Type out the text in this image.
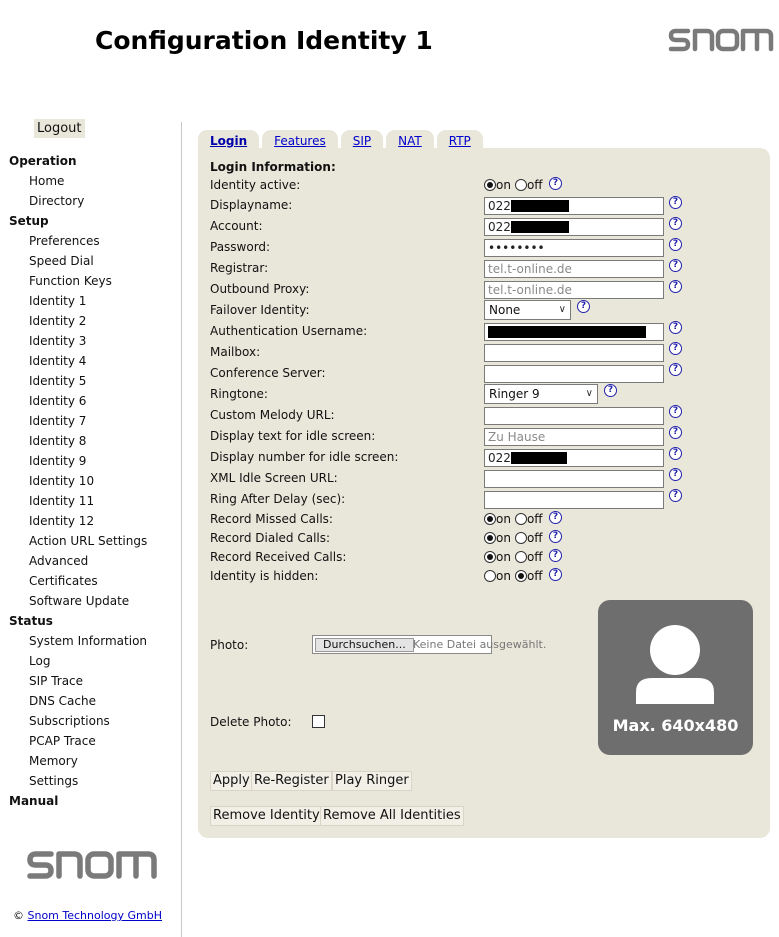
Configuration Identity 1
Logout
Operation
Home
Directory
Setup
Preferences
Speed Dial
Function Keys
Identity 1
Identity 2
Identity 3
Identity 4
Identity 5
Identity 6
Identity 7
Identity 8
Identity 9
Identity 10
Identity 11
Identity 12
Action URL Settings
Advanced
Certificates
Software Update
Status
System Information
Log
SIP Trace
DNS Cache
Subscriptions
PCAP Trace
Memory
Settings
Manual
© Snom Technology GmbH
Login	Features	SIP	NAT	RTP
Login Information:
Identity active:	on off	?
Displayname:	022	?
Account:	022	?
Password:	••••••••	?
Registrar:	tel.t-online.de	?
Outbound Proxy:	tel.t-online.de	?
Failover Identity:	None	∨	?
Authentication Username:	?
Mailbox:	?
Conference Server:	?
Ringtone:	Ringer 9	∨	?
Custom Melody URL:	?
Display text for idle screen:	Zu Hause	?
Display number for idle screen:	022	?
XML Idle Screen URL:	?
Ring After Delay (sec):	?
Record Missed Calls:	on off	?
Record Dialed Calls:	on off	?
Record Received Calls:	on off	?
Identity is hidden:	on off	?
Photo:	Durchsuchen... Keine Datei ausgewählt.
Delete Photo:	Max. 640x480
Apply Re-Register Play Ringer
Remove Identity Remove All Identities
